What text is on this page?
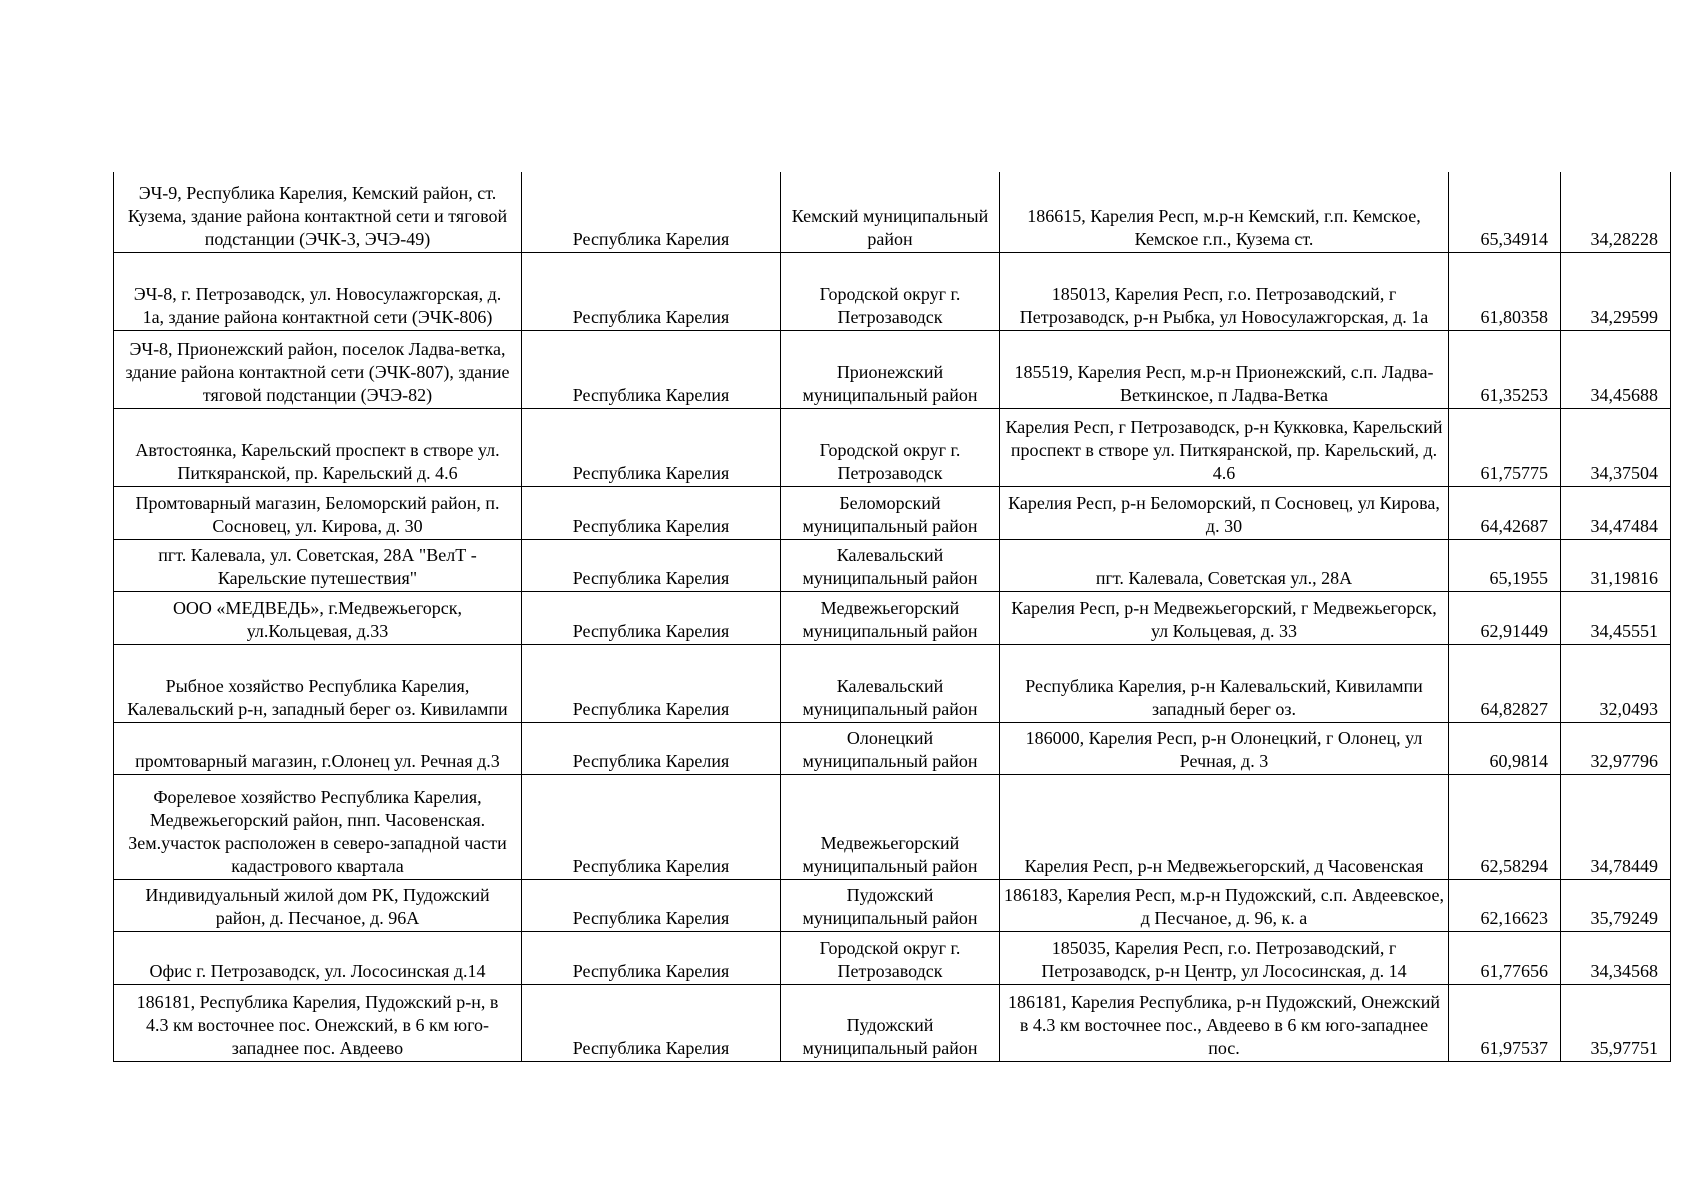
ЭЧ-9, Республика Карелия, Кемский район, ст. Кузема, здание района контактной сети и тяговой подстанции (ЭЧК-3, ЭЧЭ-49)	Республика Карелия	Кемский муниципальный район	186615, Карелия Респ, м.р-н Кемский, г.п. Кемское, Кемское г.п., Кузема ст.	65,34914	34,28228
ЭЧ-8, г. Петрозаводск, ул. Новосулажгорская, д. 1а, здание района контактной сети (ЭЧК-806)	Республика Карелия	Городской округ г. Петрозаводск	185013, Карелия Респ, г.о. Петрозаводский, г Петрозаводск, р-н Рыбка, ул Новосулажгорская, д. 1а	61,80358	34,29599
ЭЧ-8, Прионежский район, поселок Ладва-ветка, здание района контактной сети (ЭЧК-807), здание тяговой подстанции (ЭЧЭ-82)	Республика Карелия	Прионежский муниципальный район	185519, Карелия Респ, м.р-н Прионежский, с.п. Ладва-Веткинское, п Ладва-Ветка	61,35253	34,45688
Автостоянка, Карельский проспект в створе ул. Питкяранской, пр. Карельский д. 4.6	Республика Карелия	Городской округ г. Петрозаводск	Карелия Респ, г Петрозаводск, р-н Кукковка, Карельский проспект в створе ул. Питкяранской, пр. Карельский, д. 4.6	61,75775	34,37504
Промтоварный магазин, Беломорский район, п. Сосновец, ул. Кирова, д. 30	Республика Карелия	Беломорский муниципальный район	Карелия Респ, р-н Беломорский, п Сосновец, ул Кирова, д. 30	64,42687	34,47484
пгт. Калевала, ул. Советская, 28А "ВелТ - Карельские путешествия"	Республика Карелия	Калевальский муниципальный район	пгт. Калевала, Советская ул., 28А	65,1955	31,19816
ООО «МЕДВЕДЬ», г.Медвежьегорск, ул.Кольцевая, д.33	Республика Карелия	Медвежьегорский муниципальный район	Карелия Респ, р-н Медвежьегорский, г Медвежьегорск, ул Кольцевая, д. 33	62,91449	34,45551
Рыбное хозяйство Республика Карелия, Калевальский р-н, западный берег оз. Кивилампи	Республика Карелия	Калевальский муниципальный район	Республика Карелия, р-н Калевальский, Кивилампи западный берег оз.	64,82827	32,0493
промтоварный магазин, г.Олонец ул. Речная д.3	Республика Карелия	Олонецкий муниципальный район	186000, Карелия Респ, р-н Олонецкий, г Олонец, ул Речная, д. 3	60,9814	32,97796
Форелевое хозяйство Республика Карелия, Медвежьегорский район, пнп. Часовенская. Зем.участок расположен в северо-западной части кадастрового квартала	Республика Карелия	Медвежьегорский муниципальный район	Карелия Респ, р-н Медвежьегорский, д Часовенская	62,58294	34,78449
Индивидуальный жилой дом РК, Пудожский район, д. Песчаное, д. 96А	Республика Карелия	Пудожский муниципальный район	186183, Карелия Респ, м.р-н Пудожский, с.п. Авдеевское, д Песчаное, д. 96, к. а	62,16623	35,79249
Офис г. Петрозаводск, ул. Лососинская д.14	Республика Карелия	Городской округ г. Петрозаводск	185035, Карелия Респ, г.о. Петрозаводский, г Петрозаводск, р-н Центр, ул Лососинская, д. 14	61,77656	34,34568
186181, Республика Карелия, Пудожский р-н, в 4.3 км восточнее пос. Онежский, в 6 км юго-западнее пос. Авдеево	Республика Карелия	Пудожский муниципальный район	186181, Карелия Республика, р-н Пудожский, Онежский в 4.3 км восточнее пос., Авдеево в 6 км юго-западнее пос.	61,97537	35,97751
